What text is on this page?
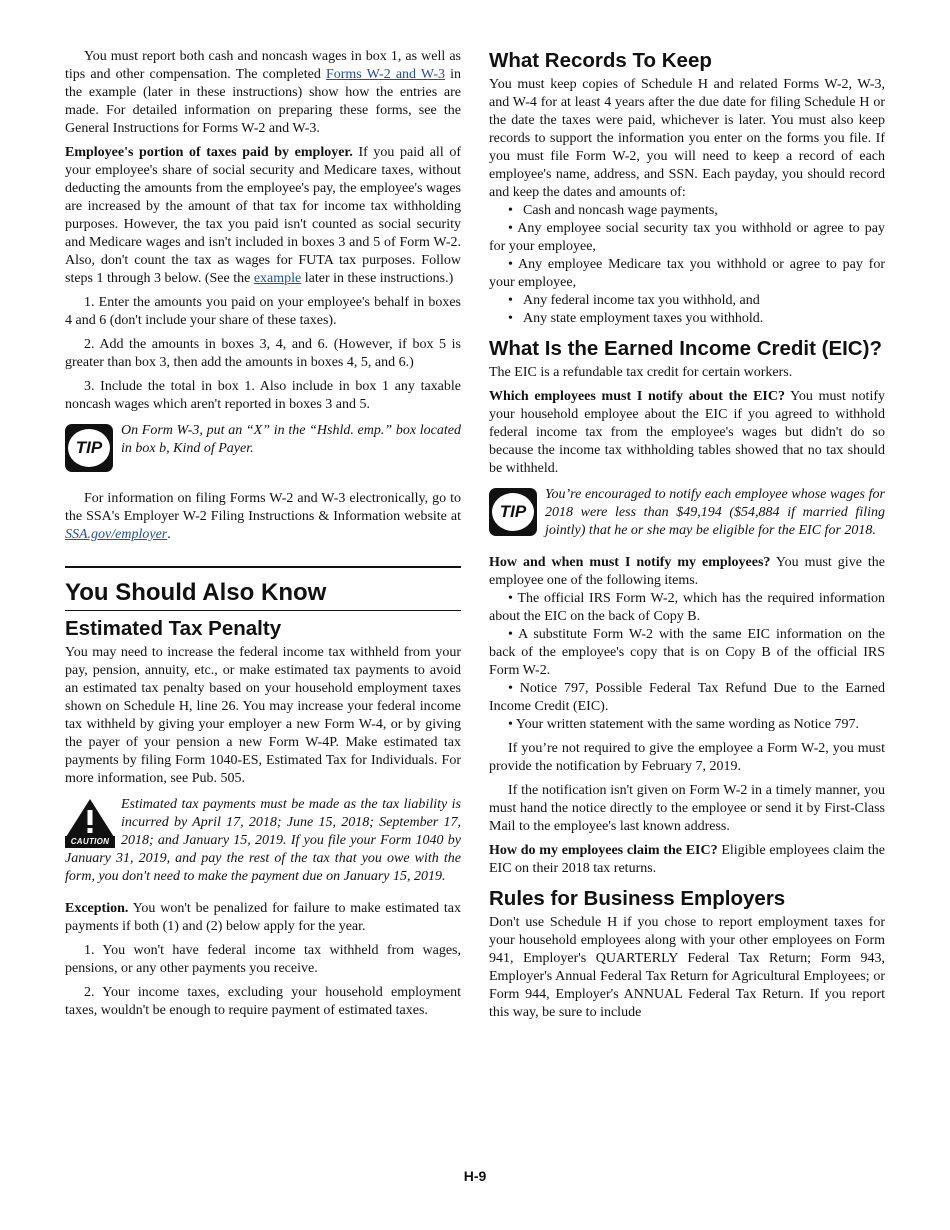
You must report both cash and noncash wages in box 1, as well as tips and other compensation. The completed Forms W-2 and W-3 in the example (later in these instructions) show how the entries are made. For detailed information on preparing these forms, see the General Instructions for Forms W-2 and W-3.

Employee's portion of taxes paid by employer. If you paid all of your employee's share of social security and Medicare taxes, without deducting the amounts from the employee's pay, the employee's wages are increased by the amount of that tax for income tax withholding purposes. However, the tax you paid isn't counted as social security and Medicare wages and isn't included in boxes 3 and 5 of Form W-2. Also, don't count the tax as wages for FUTA tax purposes. Follow steps 1 through 3 below. (See the example later in these instructions.)

1. Enter the amounts you paid on your employee's behalf in boxes 4 and 6 (don't include your share of these taxes).

2. Add the amounts in boxes 3, 4, and 6. (However, if box 5 is greater than box 3, then add the amounts in boxes 4, 5, and 6.)

3. Include the total in box 1. Also include in box 1 any taxable noncash wages which aren't reported in boxes 3 and 5.

TIP
On Form W-3, put an “X” in the “Hshld. emp.” box located in box b, Kind of Payer.

For information on filing Forms W-2 and W-3 electronically, go to the SSA's Employer W-2 Filing Instructions & Information website at SSA.gov/employer.

You Should Also Know
Estimated Tax Penalty

You may need to increase the federal income tax withheld from your pay, pension, annuity, etc., or make estimated tax payments to avoid an estimated tax penalty based on your household employment taxes shown on Schedule H, line 26. You may increase your federal income tax withheld by giving your employer a new Form W-4, or by giving the payer of your pension a new Form W-4P. Make estimated tax payments by filing Form 1040-ES, Estimated Tax for Individuals. For more information, see Pub. 505.

CAUTION
Estimated tax payments must be made as the tax liability is incurred by April 17, 2018; June 15, 2018; September 17, 2018; and January 15, 2019. If you file your Form 1040 by January 31, 2019, and pay the rest of the tax that you owe with the form, you don't need to make the payment due on January 15, 2019.

Exception. You won't be penalized for failure to make estimated tax payments if both (1) and (2) below apply for the year.

1. You won't have federal income tax withheld from wages, pensions, or any other payments you receive.

2. Your income taxes, excluding your household employment taxes, wouldn't be enough to require payment of estimated taxes.

What Records To Keep

You must keep copies of Schedule H and related Forms W-2, W-3, and W-4 for at least 4 years after the due date for filing Schedule H or the date the taxes were paid, whichever is later. You must also keep records to support the information you enter on the forms you file. If you must file Form W-2, you will need to keep a record of each employee's name, address, and SSN. Each payday, you should record and keep the dates and amounts of:

• Cash and noncash wage payments,

• Any employee social security tax you withhold or agree to pay for your employee,

• Any employee Medicare tax you withhold or agree to pay for your employee,

• Any federal income tax you withhold, and

• Any state employment taxes you withhold.

What Is the Earned Income Credit (EIC)?

The EIC is a refundable tax credit for certain workers.

Which employees must I notify about the EIC? You must notify your household employee about the EIC if you agreed to withhold federal income tax from the employee's wages but didn't do so because the income tax withholding tables showed that no tax should be withheld.

TIP
You’re encouraged to notify each employee whose wages for 2018 were less than $49,194 ($54,884 if married filing jointly) that he or she may be eligible for the EIC for 2018.

How and when must I notify my employees? You must give the employee one of the following items.

• The official IRS Form W-2, which has the required information about the EIC on the back of Copy B.

• A substitute Form W-2 with the same EIC information on the back of the employee's copy that is on Copy B of the official IRS Form W-2.

• Notice 797, Possible Federal Tax Refund Due to the Earned Income Credit (EIC).

• Your written statement with the same wording as Notice 797.

If you’re not required to give the employee a Form W-2, you must provide the notification by February 7, 2019.

If the notification isn't given on Form W-2 in a timely manner, you must hand the notice directly to the employee or send it by First-Class Mail to the employee's last known address.

How do my employees claim the EIC? Eligible employees claim the EIC on their 2018 tax returns.

Rules for Business Employers

Don't use Schedule H if you chose to report employment taxes for your household employees along with your other employees on Form 941, Employer's QUARTERLY Federal Tax Return; Form 943, Employer's Annual Federal Tax Return for Agricultural Employees; or Form 944, Employer's ANNUAL Federal Tax Return. If you report this way, be sure to include

H-9
